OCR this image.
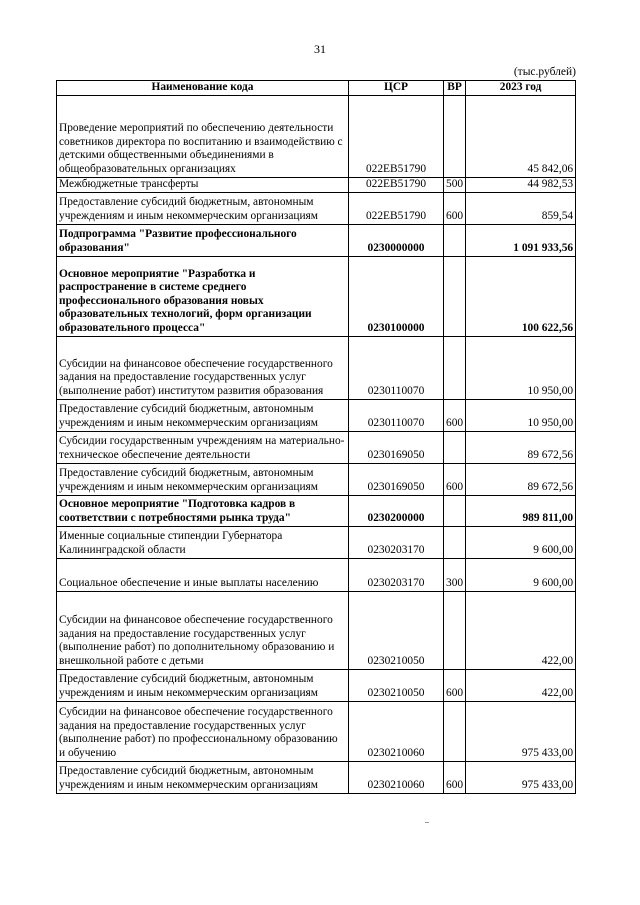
31
(тыс.рублей)
Наименование кода	ЦСР	ВР	2023 год
Проведение мероприятий по обеспечению деятельности советников директора по воспитанию и взаимодействию с детскими общественными объединениями в общеобразовательных организациях	022EB51790		45 842,06
Межбюджетные трансферты	022EB51790	500	44 982,53
Предоставление субсидий бюджетным, автономным учреждениям и иным некоммерческим организациям	022EB51790	600	859,54
Подпрограмма "Развитие профессионального образования"	0230000000		1 091 933,56
Основное мероприятие "Разработка и распространение в системе среднего профессионального образования новых образовательных технологий, форм организации образовательного процесса"	0230100000		100 622,56
Субсидии на финансовое обеспечение государственного задания на предоставление государственных услуг (выполнение работ) институтом развития образования	0230110070		10 950,00
Предоставление субсидий бюджетным, автономным учреждениям и иным некоммерческим организациям	0230110070	600	10 950,00
Субсидии государственным учреждениям на материально-техническое обеспечение деятельности	0230169050		89 672,56
Предоставление субсидий бюджетным, автономным учреждениям и иным некоммерческим организациям	0230169050	600	89 672,56
Основное мероприятие "Подготовка кадров в соответствии с потребностями рынка труда"	0230200000		989 811,00
Именные социальные стипендии Губернатора Калининградской области	0230203170		9 600,00
Социальное обеспечение и иные выплаты населению	0230203170	300	9 600,00
Субсидии на финансовое обеспечение государственного задания на предоставление государственных услуг (выполнение работ) по дополнительному образованию и внешкольной работе с детьми	0230210050		422,00
Предоставление субсидий бюджетным, автономным учреждениям и иным некоммерческим организациям	0230210050	600	422,00
Субсидии на финансовое обеспечение государственного задания на предоставление государственных услуг (выполнение работ) по профессиональному образованию и обучению	0230210060		975 433,00
Предоставление субсидий бюджетным, автономным учреждениям и иным некоммерческим организациям	0230210060	600	975 433,00
